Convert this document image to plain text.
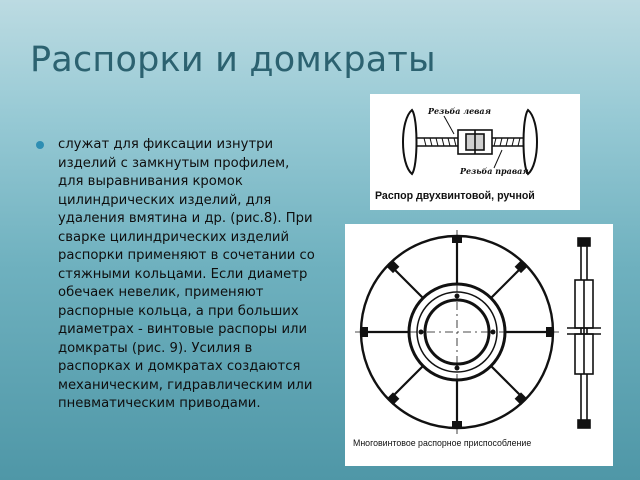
Распорки и домкраты
служат для фиксации изнутри изделий с замкнутым профилем, для выравнивания кромок цилиндрических изделий, для удаления вмятина и др. (рис.8). При сварке цилиндрических изделий распорки применяют в сочетании со стяжными кольцами. Если диаметр обечаек невелик, применяют распорные кольца, а при больших диаметрах - винтовые распоры или домкраты (рис. 9). Усилия в распорках и домкратах создаются механическим, гидравлическим или пневматическим приводами.
Резьба левая
Резьба правая
Распор двухвинтовой, ручной
Многовинтовое распорное приспособление
